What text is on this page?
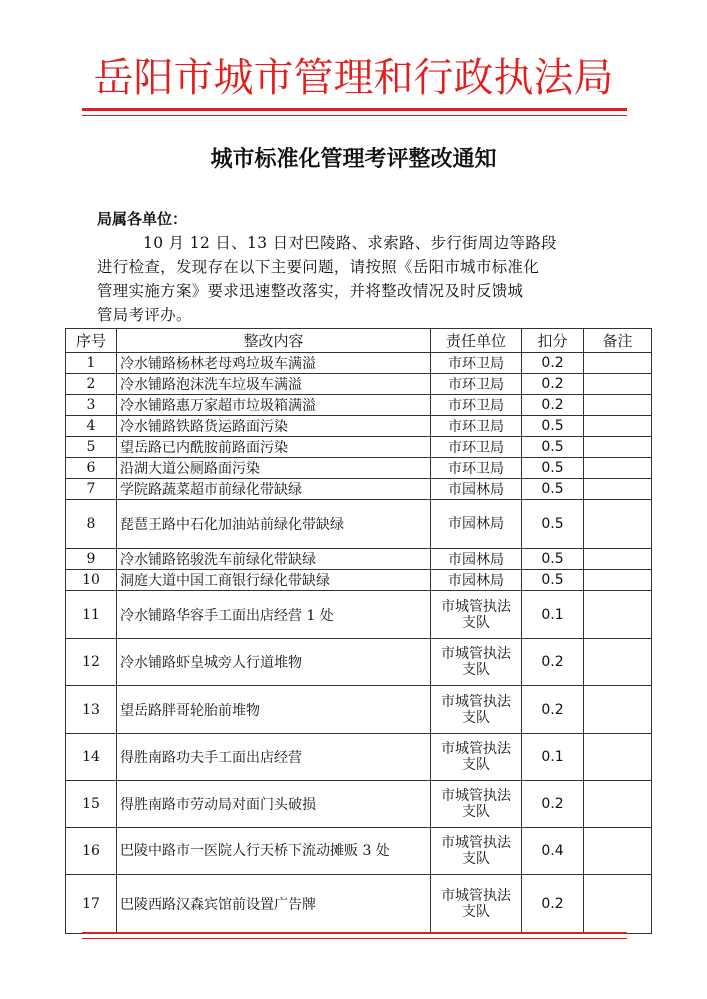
岳阳市城市管理和行政执法局
城市标准化管理考评整改通知
局属各单位：
10 月 12 日、13 日对巴陵路、求索路、步行街周边等路段
进行检查，发现存在以下主要问题，请按照《岳阳市城市标准化
管理实施方案》要求迅速整改落实，并将整改情况及时反馈城
管局考评办。
序号	整改内容	责任单位	扣分	备注
1	冷水铺路杨林老母鸡垃圾车满溢	市环卫局	0.2	
2	冷水铺路泡沫洗车垃圾车满溢	市环卫局	0.2	
3	冷水铺路惠万家超市垃圾箱满溢	市环卫局	0.2	
4	冷水铺路铁路货运路面污染	市环卫局	0.5	
5	望岳路已内酰胺前路面污染	市环卫局	0.5	
6	沿湖大道公厕路面污染	市环卫局	0.5	
7	学院路蔬菜超市前绿化带缺绿	市园林局	0.5	
8	琵琶王路中石化加油站前绿化带缺绿	市园林局	0.5	
9	冷水铺路铭骏洗车前绿化带缺绿	市园林局	0.5	
10	洞庭大道中国工商银行绿化带缺绿	市园林局	0.5	
11	冷水铺路华容手工面出店经营 1 处	市城管执法支队	0.1	
12	冷水铺路虾皇城旁人行道堆物	市城管执法支队	0.2	
13	望岳路胖哥轮胎前堆物	市城管执法支队	0.2	
14	得胜南路功夫手工面出店经营	市城管执法支队	0.1	
15	得胜南路市劳动局对面门头破损	市城管执法支队	0.2	
16	巴陵中路市一医院人行天桥下流动摊贩 3 处	市城管执法支队	0.4	
17	巴陵西路汉森宾馆前设置广告牌	市城管执法支队	0.2	
